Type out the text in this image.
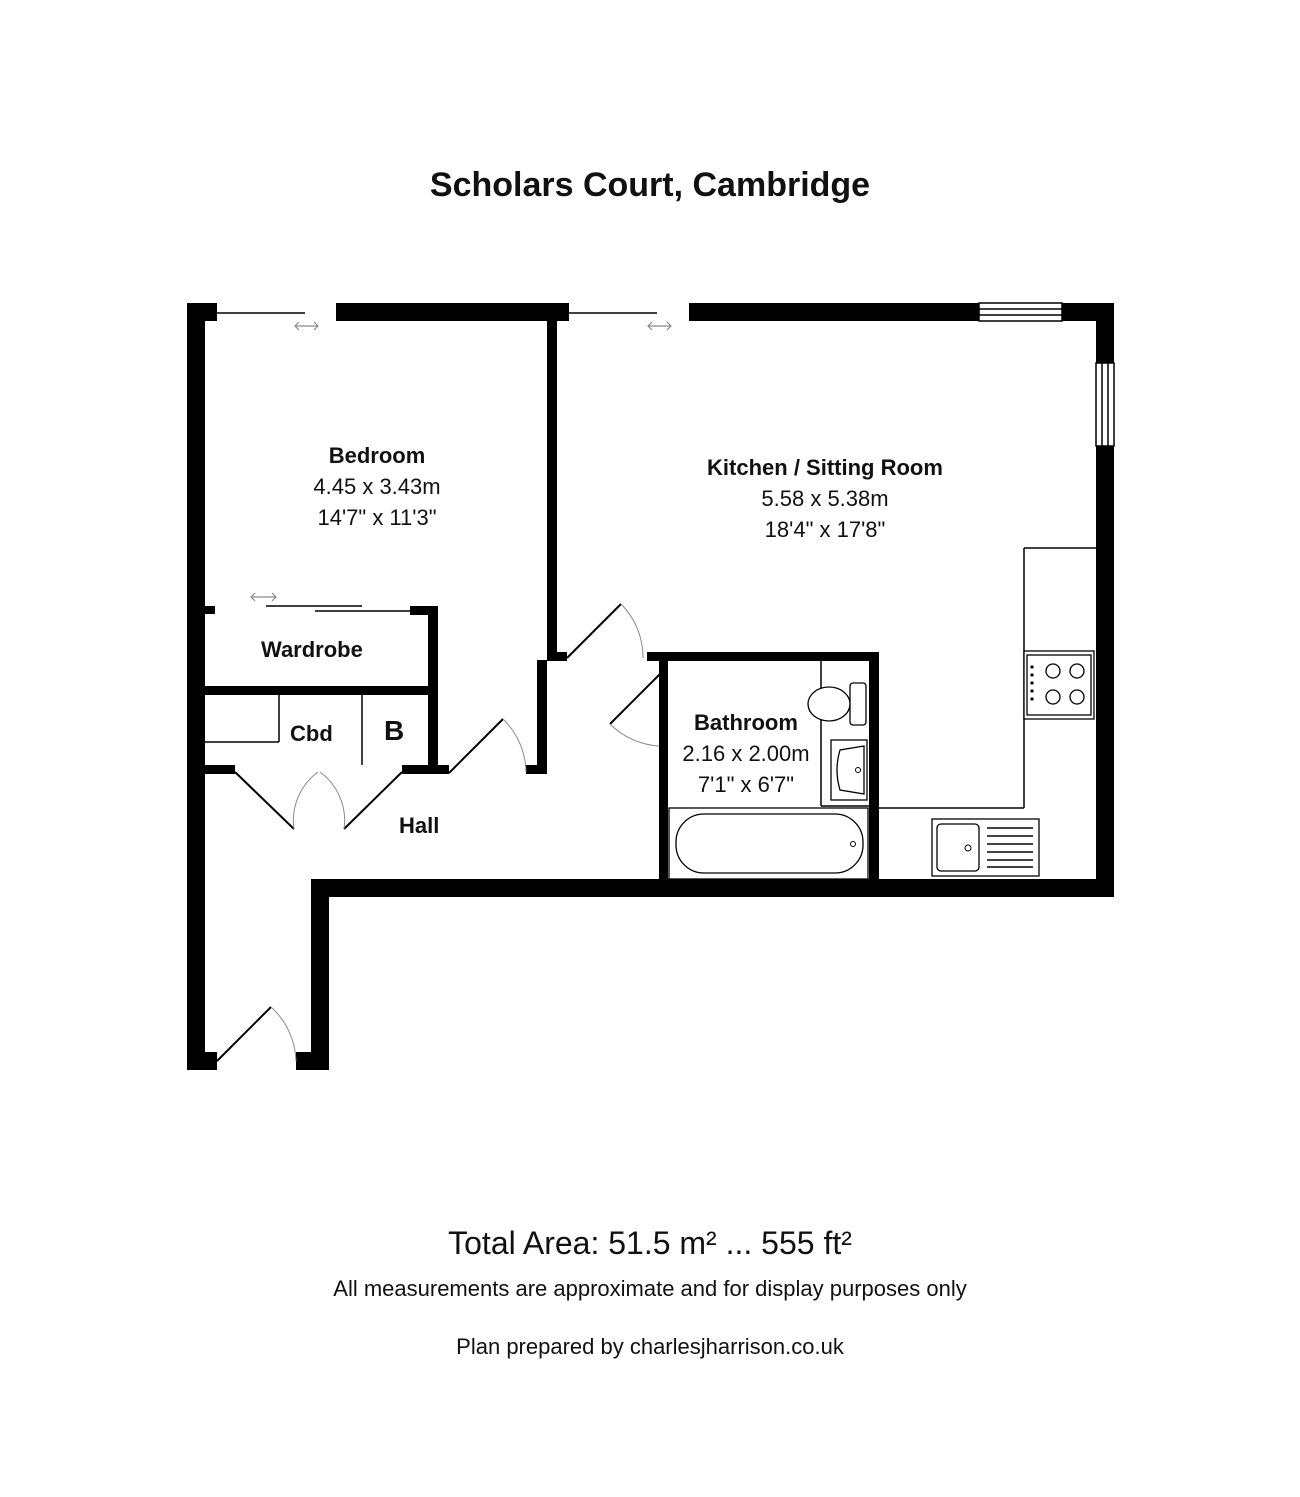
Scholars Court, Cambridge
Bedroom
4.45 x 3.43m
14'7" x 11'3"
Kitchen / Sitting Room
5.58 x 5.38m
18'4" x 17'8"
Bathroom
2.16 x 2.00m
7'1" x 6'7"
Wardrobe
Cbd B
Hall
Total Area: 51.5 m² ... 555 ft²
All measurements are approximate and for display purposes only
Plan prepared by charlesjharrison.co.uk
